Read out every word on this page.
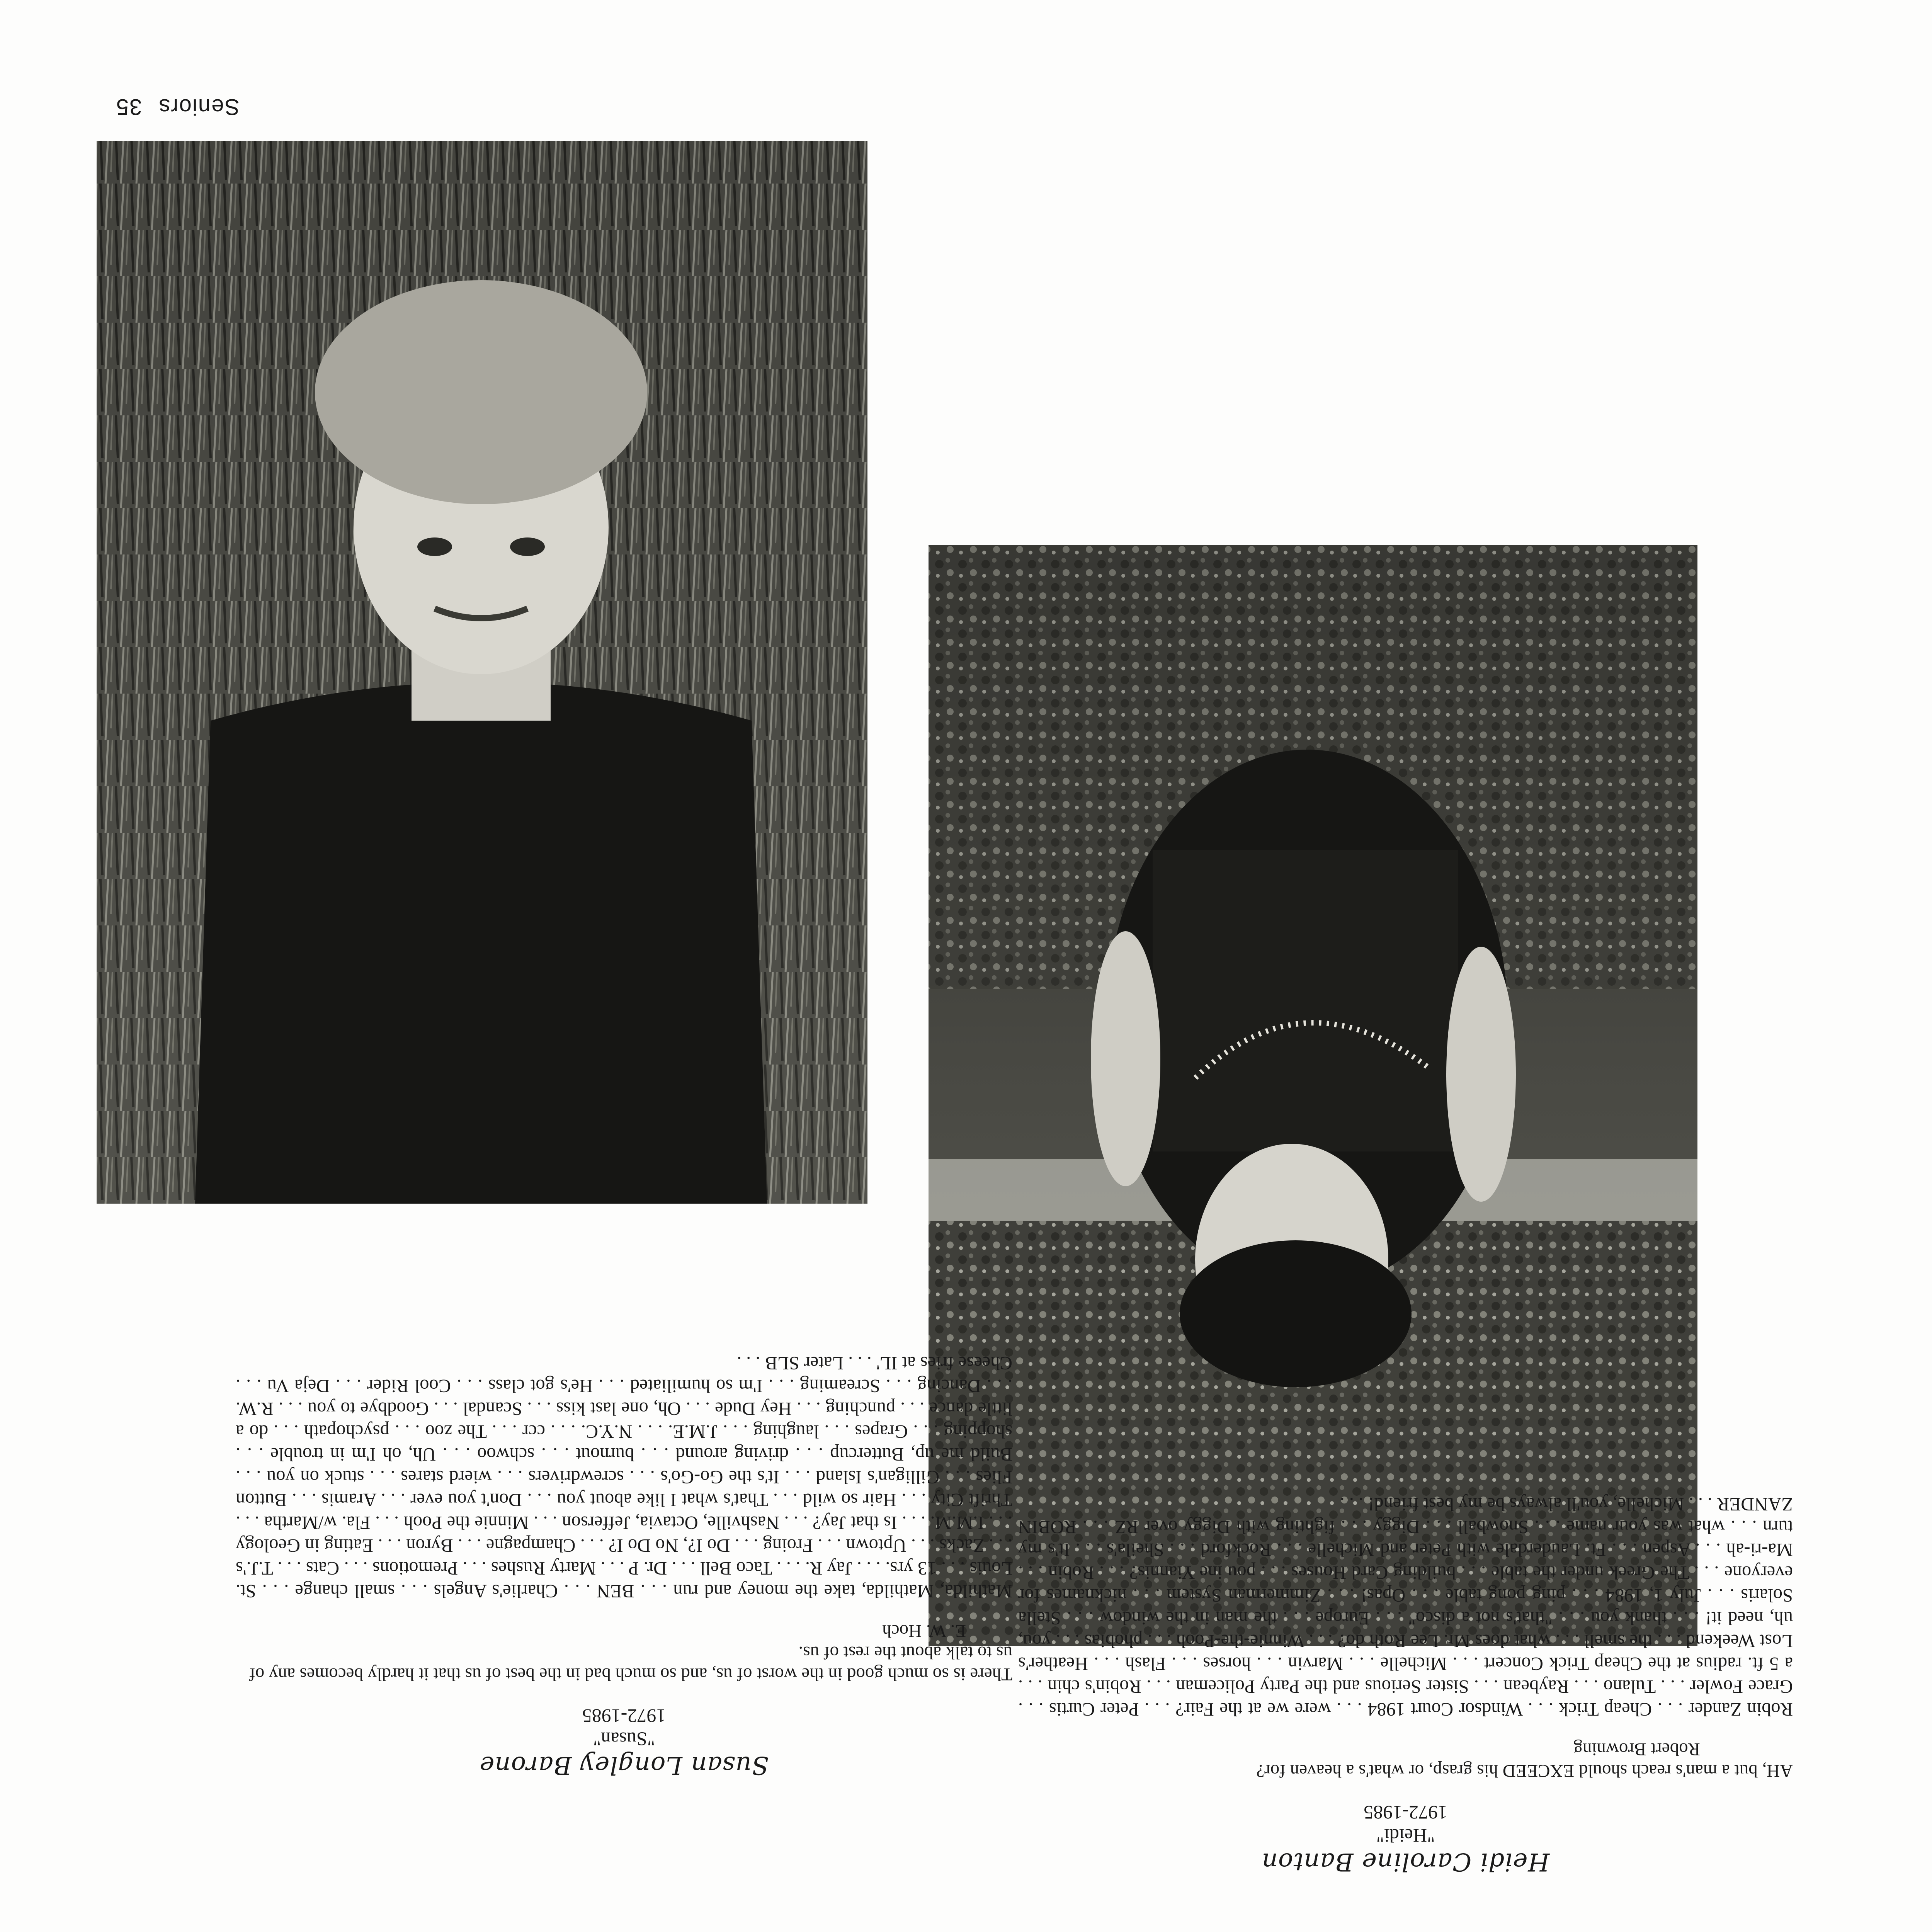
Susan Longley Barone
"Susan"
1972-1985
There is so much good in the worst of us, and so much bad in the best of us that it hardly becomes any of us to talk about the rest of us.
E. W. Hoch
Mathilda, Mathilda, take the money and run . . . BEN . . . Charlie's Angels . . . small change . . . St. Louis . . . 13 yrs. . . . Jay R. . . . Taco Bell . . . Dr. P . . . Marty Rushes . . . Premotions . . . Cats . . . T.J.'s . . . Zacks . . . Uptown . . . Froing . . . Do I?, No Do I? . . . Champagne . . . Byron . . . Eating in Geology . . . I.M.M. . . . Is that Jay? . . . Nashville, Octavia, Jefferson . . . Minnie the Pooh . . . Fla. w/Martha . . . Thrift City . . . Hair so wild . . . That's what I like about you . . . Don't you ever . . . Aramis . . . Button Flies . . . Gilligan's Island . . . It's the Go-Go's . . . screwdrivers . . . wierd stares . . . stuck on you . . . Build me up, Buttercup . . . driving around . . . burnout . . . schwoo . . . Uh, oh I'm in trouble . . . shopping . . . Grapes . . . laughing . . . J.M.E. . . . N.Y.C. . . . ccr . . . The zoo . . . psychopath . . . do a little dance . . . punching . . . Hey Dude . . . Oh, one last kiss . . . Scandal . . . Goodbye to you . . . R.W. . . . Dancing . . . Screaming . . . I'm so humiliated . . . He's got class . . . Cool Rider . . . Deja Vu . . . Cheese fries at IL' . . . Later SLB . . .
Heidi Caroline Banton
"Heidi"
1972-1985
AH, but a man's reach should EXCEED his grasp, or what's a heaven for?
Robert Browning
Robin Zander . . . Cheap Trick . . . Windsor Court 1984 . . . were we at the Fair? . . . Peter Curtis . . . Grace Fowler . . . Tulano . . . Raybean . . . Sister Serious and the Party Policeman . . . Robin's chin . . . a 5 ft. radius at the Cheap Trick Concert . . . Michelle . . . Marvin . . . horses . . . Flash . . . Heather's Lost Weekend . . . the smell . . . what does Mr. Lee Roth do? . . . Winnie-the-Pooh . . . phobias . . . you, uh, need it! . . . thank you . . . "that's not a disco" . . . Europe . . . the man in the window . . . Stella Solaris . . . July 1, 1984 . . . ping pong table . . . Opas! . . . Zimmerman System . . . nicknames for everyone . . . The Greek under the table . . . building Card Houses . . . pou ine Yiannis? . . . Robin . . . Ma-ri-ah . . . Aspen . . . Ft. Lauderdale with Peter and Michelle . . . Rockford . . . Sheila's . . . It's my turn . . . what was your name . . . Snowball . . . Diggy . . . fighting with Diggy over RZ . . . ROBIN ZANDER . . . Michelle, you'll always be my best friend! . . .
Seniors 35
